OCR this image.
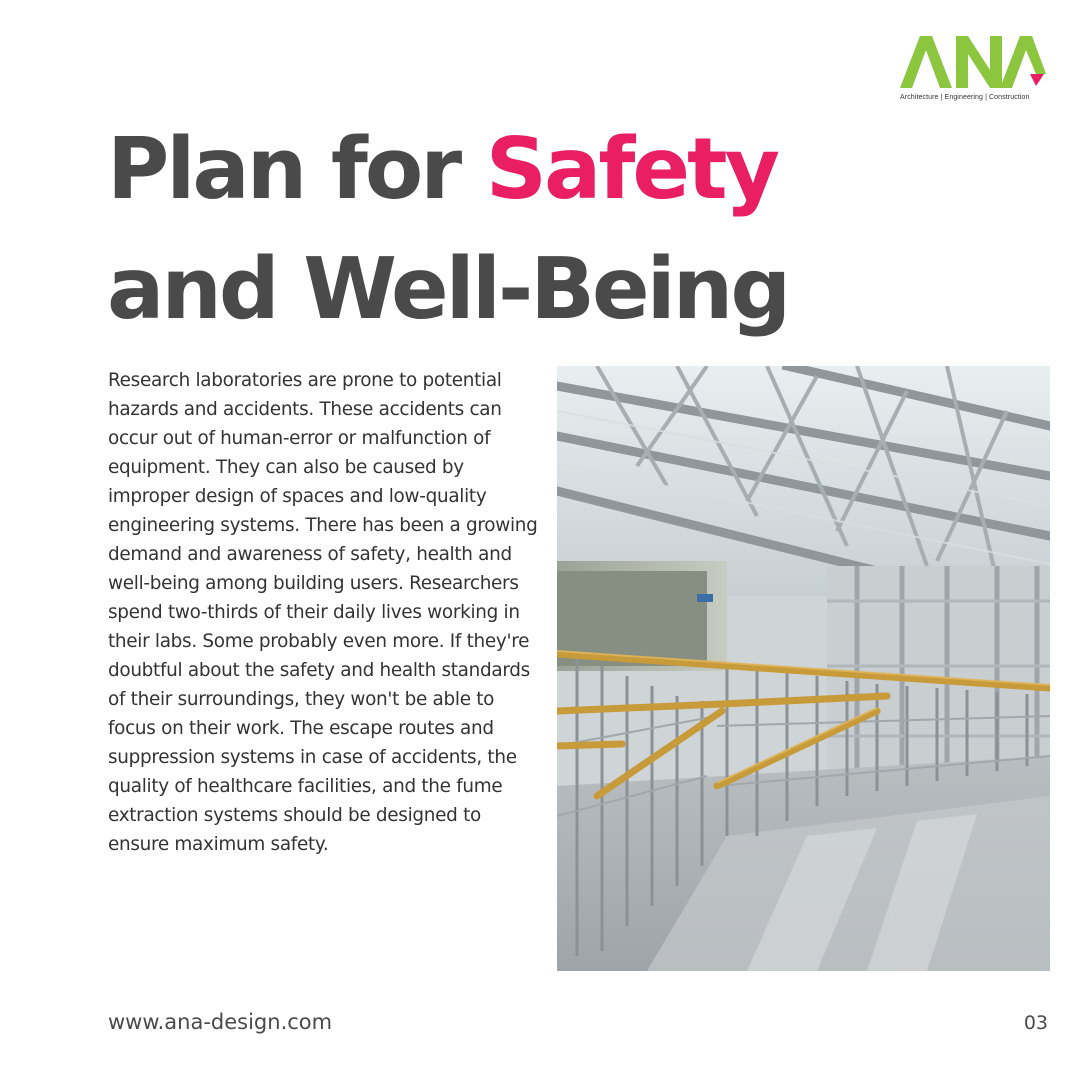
Architecture | Engineering | Construction
Plan for Safety
and Well-Being

Research laboratories are prone to potential hazards and accidents. These accidents can occur out of human-error or malfunction of equipment. They can also be caused by improper design of spaces and low-quality engineering systems. There has been a growing demand and awareness of safety, health and well-being among building users. Researchers spend two-thirds of their daily lives working in their labs. Some probably even more. If they're doubtful about the safety and health standards of their surroundings, they won't be able to focus on their work. The escape routes and suppression systems in case of accidents, the quality of healthcare facilities, and the fume extraction systems should be designed to ensure maximum safety.

www.ana-design.com	03
